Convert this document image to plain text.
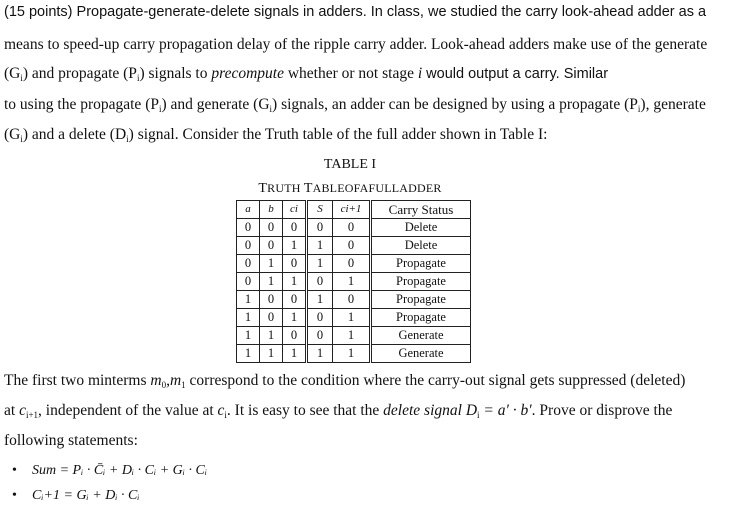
(15 points) Propagate-generate-delete signals in adders. In class, we studied the carry look-ahead adder as a
means to speed-up carry propagation delay of the ripple carry adder. Look-ahead adders make use of the generate
$(G_i)$ and propagate $(P_i)$ signals to precompute whether or not stage i would output a carry. Similar
to using the propagate $(P_i)$ and generate $(G_i)$ signals, an adder can be designed by using a propagate $(P_i)$, generate
$(G_i)$ and a delete $(D_i)$ signal. Consider the Truth table of the full adder shown in Table I:
TABLE I
TRUTH TABLEOFAFULLADDER
a	b	ci	S	ci+1	Carry Status
0	0	0	0	0	Delete
0	0	1	1	0	Delete
0	1	0	1	0	Propagate
0	1	1	0	1	Propagate
1	0	0	1	0	Propagate
1	0	1	0	1	Propagate
1	1	0	0	1	Generate
1	1	1	1	1	Generate
The first two minterms $m_0,m_1$ correspond to the condition where the carry-out signal gets suppressed (deleted)
at $c_{i+1}$, independent of the value at $c_i$. It is easy to see that the delete signal $D_i = a' \cdot b'$. Prove or disprove the
following statements:
• Sum = Pᵢ · C̄ᵢ + Dᵢ · Cᵢ + Gᵢ · Cᵢ
• Cᵢ+1 = Gᵢ + Dᵢ · Cᵢ
